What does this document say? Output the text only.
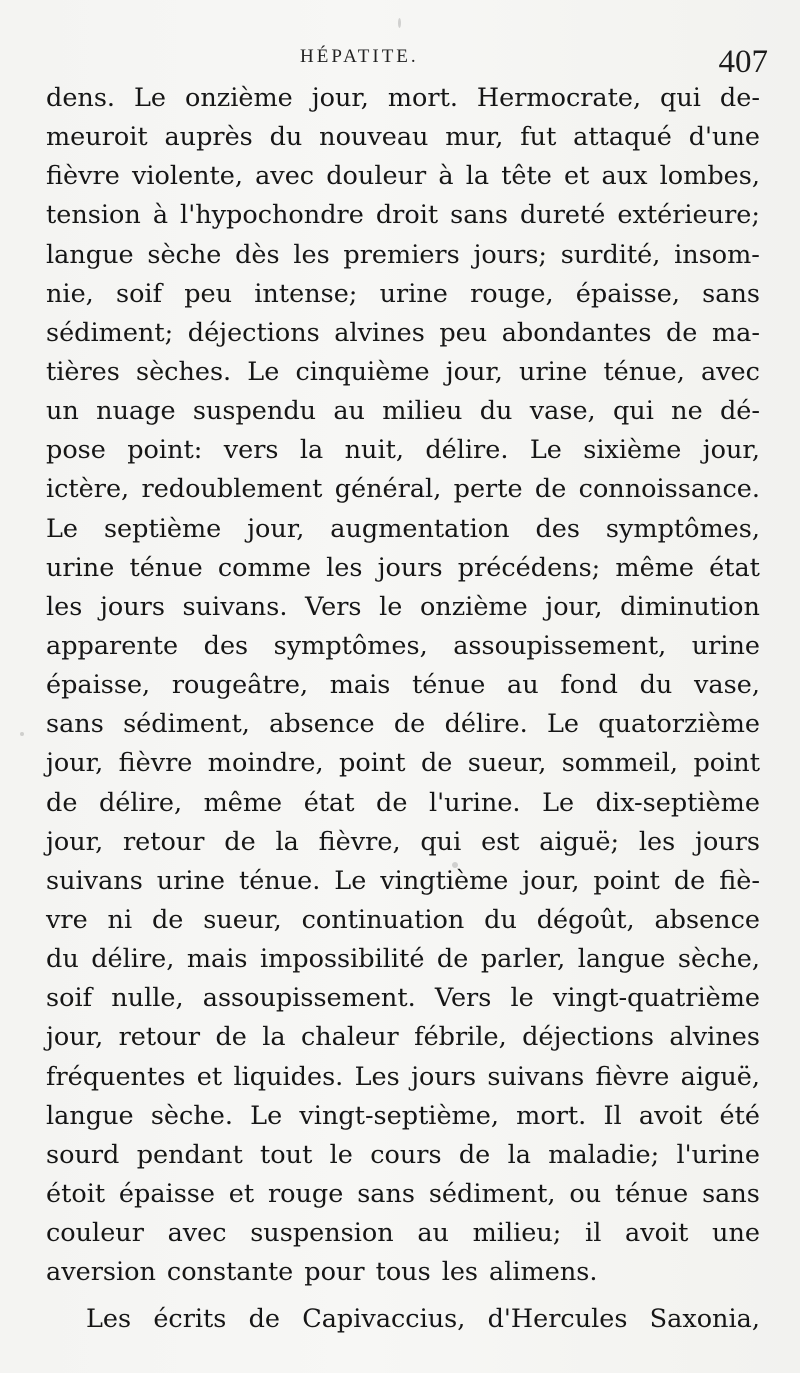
HÉPATITE.	407
dens. Le onzième jour, mort. Hermocrate, qui de-
meuroit auprès du nouveau mur, fut attaqué d'une
fièvre violente, avec douleur à la tête et aux lombes,
tension à l'hypochondre droit sans dureté extérieure;
langue sèche dès les premiers jours; surdité, insom-
nie, soif peu intense; urine rouge, épaisse, sans
sédiment; déjections alvines peu abondantes de ma-
tières sèches. Le cinquième jour, urine ténue, avec
un nuage suspendu au milieu du vase, qui ne dé-
pose point: vers la nuit, délire. Le sixième jour,
ictère, redoublement général, perte de connoissance.
Le septième jour, augmentation des symptômes,
urine ténue comme les jours précédens; même état
les jours suivans. Vers le onzième jour, diminution
apparente des symptômes, assoupissement, urine
épaisse, rougeâtre, mais ténue au fond du vase,
sans sédiment, absence de délire. Le quatorzième
jour, fièvre moindre, point de sueur, sommeil, point
de délire, même état de l'urine. Le dix-septième
jour, retour de la fièvre, qui est aiguë; les jours
suivans urine ténue. Le vingtième jour, point de fiè-
vre ni de sueur, continuation du dégoût, absence
du délire, mais impossibilité de parler, langue sèche,
soif nulle, assoupissement. Vers le vingt-quatrième
jour, retour de la chaleur fébrile, déjections alvines
fréquentes et liquides. Les jours suivans fièvre aiguë,
langue sèche. Le vingt-septième, mort. Il avoit été
sourd pendant tout le cours de la maladie; l'urine
étoit épaisse et rouge sans sédiment, ou ténue sans
couleur avec suspension au milieu; il avoit une
aversion constante pour tous les alimens.
Les écrits de Capivaccius, d'Hercules Saxonia,
